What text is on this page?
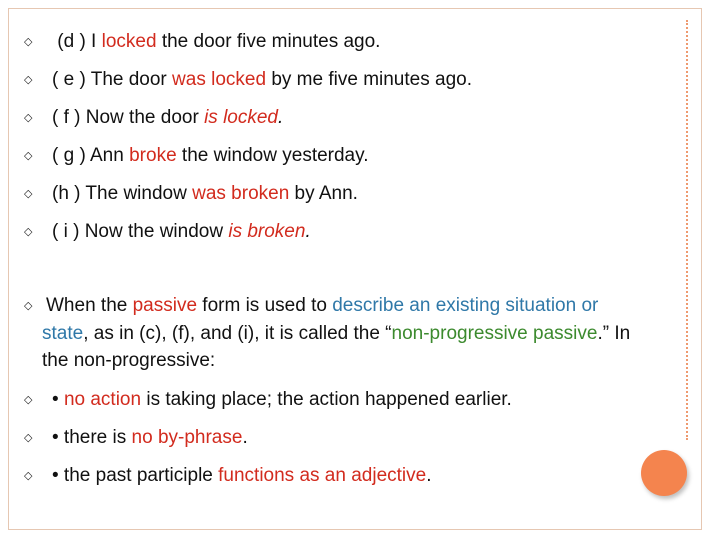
◇ (d ) I locked the door five minutes ago.
◇ ( e ) The door was locked by me five minutes ago.
◇ ( f ) Now the door is locked.
◇ ( g ) Ann broke the window yesterday.
◇ (h ) The window was broken by Ann.
◇ ( i ) Now the window is broken.
◇ When the passive form is used to describe an existing situation or state, as in (c), (f), and (i), it is called the “non-progressive passive.” In the non-progressive:
◇ • no action is taking place; the action happened earlier.
◇ • there is no by-phrase.
◇ • the past participle functions as an adjective.
